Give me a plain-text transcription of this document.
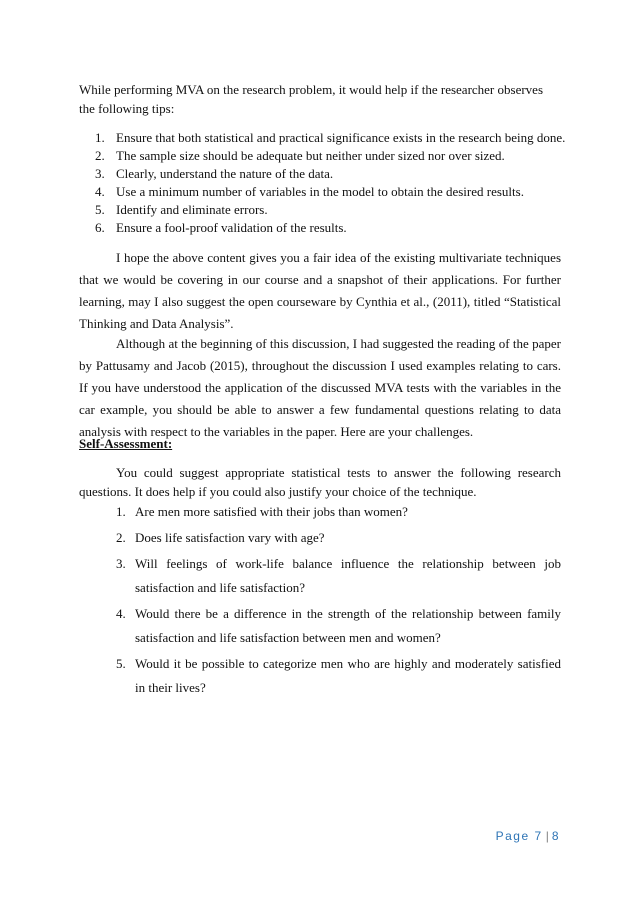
While performing MVA on the research problem, it would help if the researcher observes the following tips:
1. Ensure that both statistical and practical significance exists in the research being done.
2. The sample size should be adequate but neither under sized nor over sized.
3. Clearly, understand the nature of the data.
4. Use a minimum number of variables in the model to obtain the desired results.
5. Identify and eliminate errors.
6. Ensure a fool-proof validation of the results.

I hope the above content gives you a fair idea of the existing multivariate techniques that we would be covering in our course and a snapshot of their applications. For further learning, may I also suggest the open courseware by Cynthia et al., (2011), titled “Statistical Thinking and Data Analysis”.

Although at the beginning of this discussion, I had suggested the reading of the paper by Pattusamy and Jacob (2015), throughout the discussion I used examples relating to cars. If you have understood the application of the discussed MVA tests with the variables in the car example, you should be able to answer a few fundamental questions relating to data analysis with respect to the variables in the paper. Here are your challenges.

Self-Assessment:

You could suggest appropriate statistical tests to answer the following research questions. It does help if you could also justify your choice of the technique.

1. Are men more satisfied with their jobs than women?
2. Does life satisfaction vary with age?
3. Will feelings of work-life balance influence the relationship between job satisfaction and life satisfaction?
4. Would there be a difference in the strength of the relationship between family satisfaction and life satisfaction between men and women?
5. Would it be possible to categorize men who are highly and moderately satisfied in their lives?
Page 7 | 8
